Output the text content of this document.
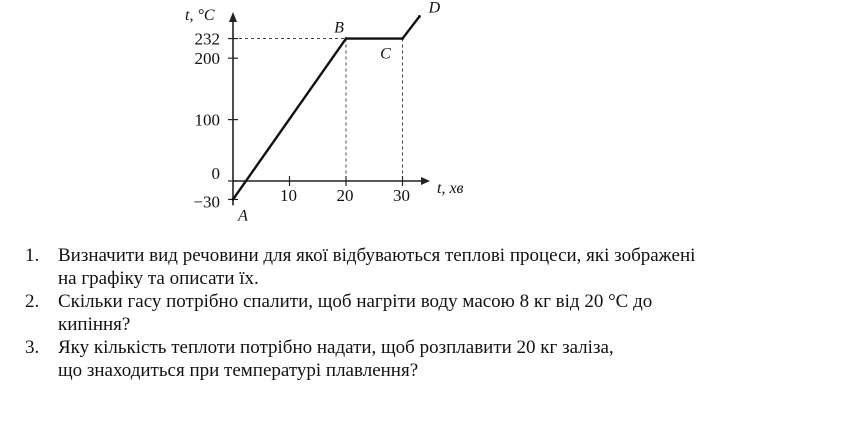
232
200
100
0
−30	10 20 30
t, °C
t, хв
A
B
C
D
1. Визначити вид речовини для якої відбуваються теплові процеси, які зображені
на графіку та описати їх.
2. Скільки гасу потрібно спалити, щоб нагріти воду масою 8 кг від 20 °С до
кипіння?
3. Яку кількість теплоти потрібно надати, щоб розплавити 20 кг заліза,
що знаходиться при температурі плавлення?
